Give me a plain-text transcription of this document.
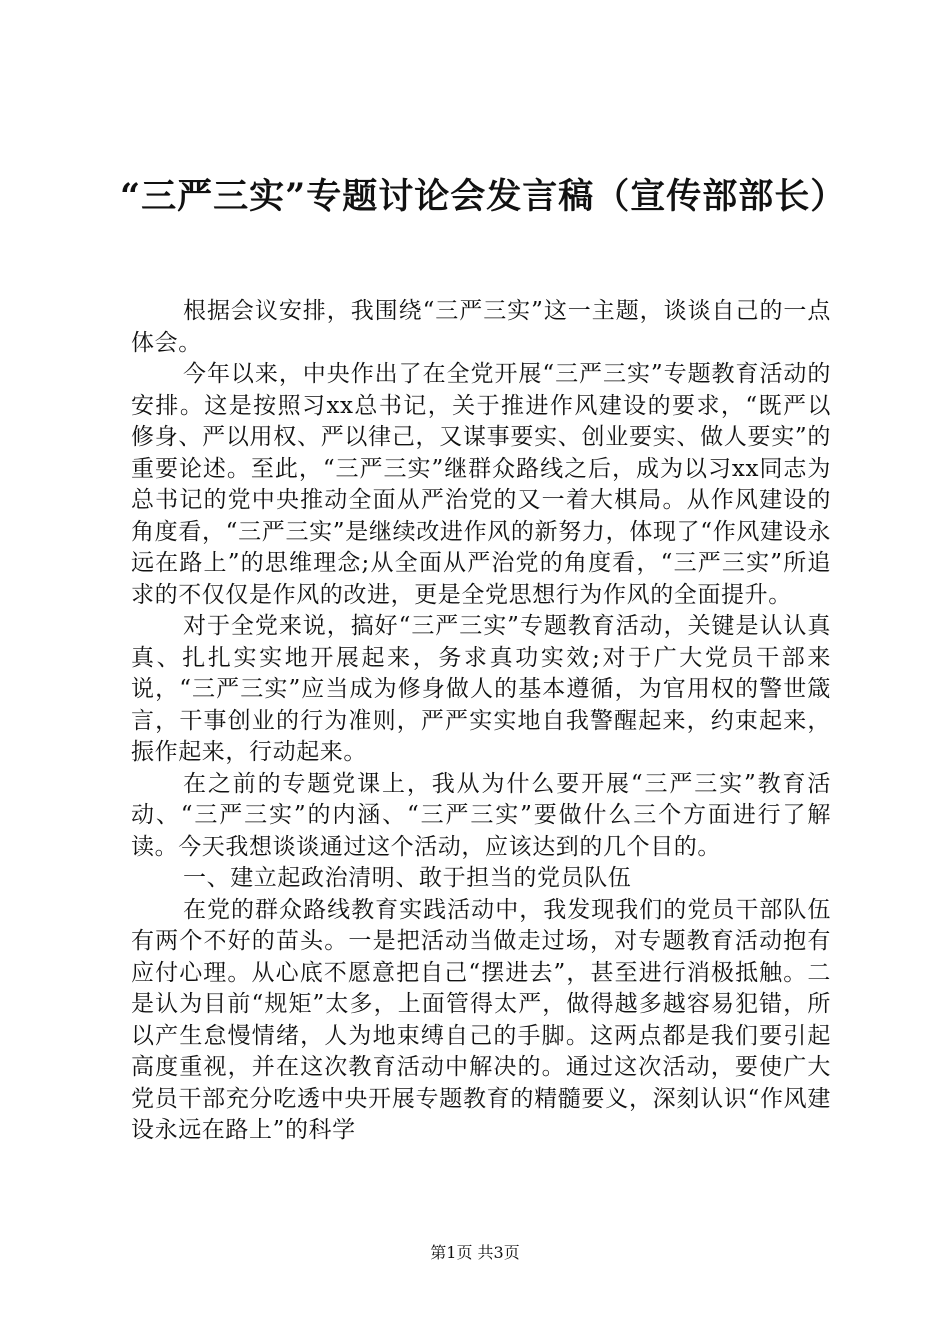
“三严三实”专题讨论会发言稿（宣传部部长）

根据会议安排，我围绕“三严三实”这一主题，谈谈自己的一点体会。

今年以来，中央作出了在全党开展“三严三实”专题教育活动的安排。这是按照习xx总书记，关于推进作风建设的要求，“既严以修身、严以用权、严以律己，又谋事要实、创业要实、做人要实”的重要论述。至此，“三严三实”继群众路线之后，成为以习xx同志为总书记的党中央推动全面从严治党的又一着大棋局。从作风建设的角度看，“三严三实”是继续改进作风的新努力，体现了“作风建设永远在路上”的思维理念;从全面从严治党的角度看，“三严三实”所追求的不仅仅是作风的改进，更是全党思想行为作风的全面提升。

对于全党来说，搞好“三严三实”专题教育活动，关键是认认真真、扎扎实实地开展起来，务求真功实效;对于广大党员干部来说，“三严三实”应当成为修身做人的基本遵循，为官用权的警世箴言，干事创业的行为准则，严严实实地自我警醒起来，约束起来，振作起来，行动起来。

在之前的专题党课上，我从为什么要开展“三严三实”教育活动、“三严三实”的内涵、“三严三实”要做什么三个方面进行了解读。今天我想谈谈通过这个活动，应该达到的几个目的。

一、建立起政治清明、敢于担当的党员队伍

在党的群众路线教育实践活动中，我发现我们的党员干部队伍有两个不好的苗头。一是把活动当做走过场，对专题教育活动抱有应付心理。从心底不愿意把自己“摆进去”，甚至进行消极抵触。二是认为目前“规矩”太多，上面管得太严，做得越多越容易犯错，所以产生怠慢情绪，人为地束缚自己的手脚。这两点都是我们要引起高度重视，并在这次教育活动中解决的。通过这次活动，要使广大党员干部充分吃透中央开展专题教育的精髓要义，深刻认识“作风建设永远在路上”的科学

第1页 共3页
